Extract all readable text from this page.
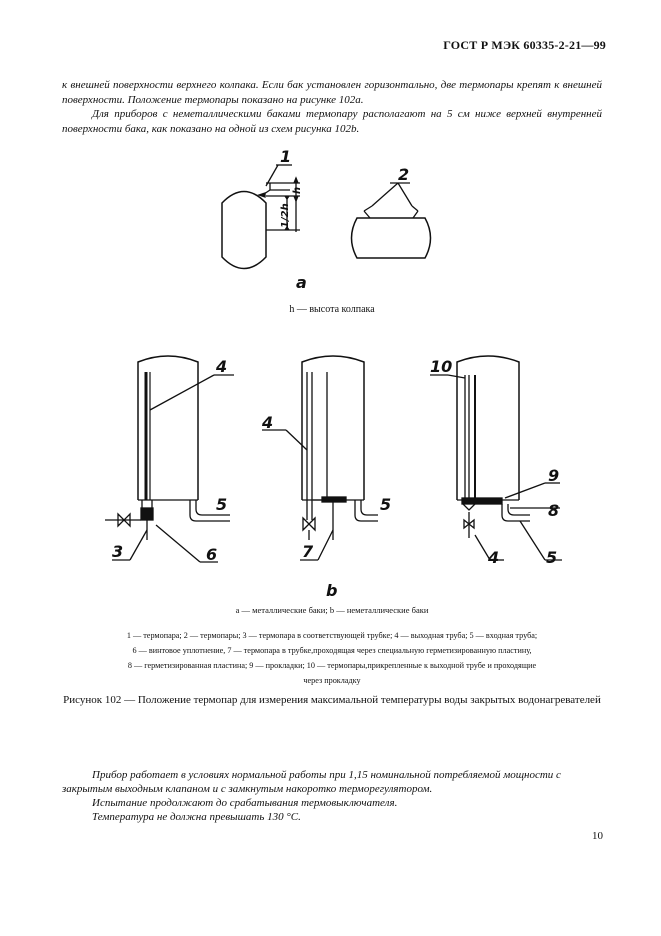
ГОСТ Р МЭК 60335-2-21—99

к внешней поверхности верхнего колпака. Если бак установлен горизонтально, две термопары крепят к внешней поверхности. Положение термопары показано на рисунке 102а.

Для приборов с неметаллическими баками термопару располагают на 5 см ниже верхней внутренней поверхности бака, как показано на одной из схем рисунка 102b.

1
h
1/2h
2
a
4
5
3	6
4
5
7
10
9
8
4	5
b
h — высота колпака
a — металлические баки; b — неметаллические баки

1 — термопара; 2 — термопары; 3 — термопара в соответствующей трубке; 4 — выходная труба; 5 — входная труба;

6 — винтовое уплотнение, 7 — термопара в трубке,проходящая через специальную герметизированную пластину,

8 — герметизированная пластина; 9 — прокладки; 10 — термопары,прикрепленные к выходной трубе и проходящие

через прокладку

Рисунок 102 — Положение термопар для измерения максимальной температуры воды закрытых водонагревателей

Прибор работает в условиях нормальной работы при 1,15 номинальной потребляемой мощности с закрытым выходным клапаном и с замкнутым накоротко терморегулятором.

Испытание продолжают до срабатывания термовыключателя.

Температура не должна превышать 130 °С.

10
